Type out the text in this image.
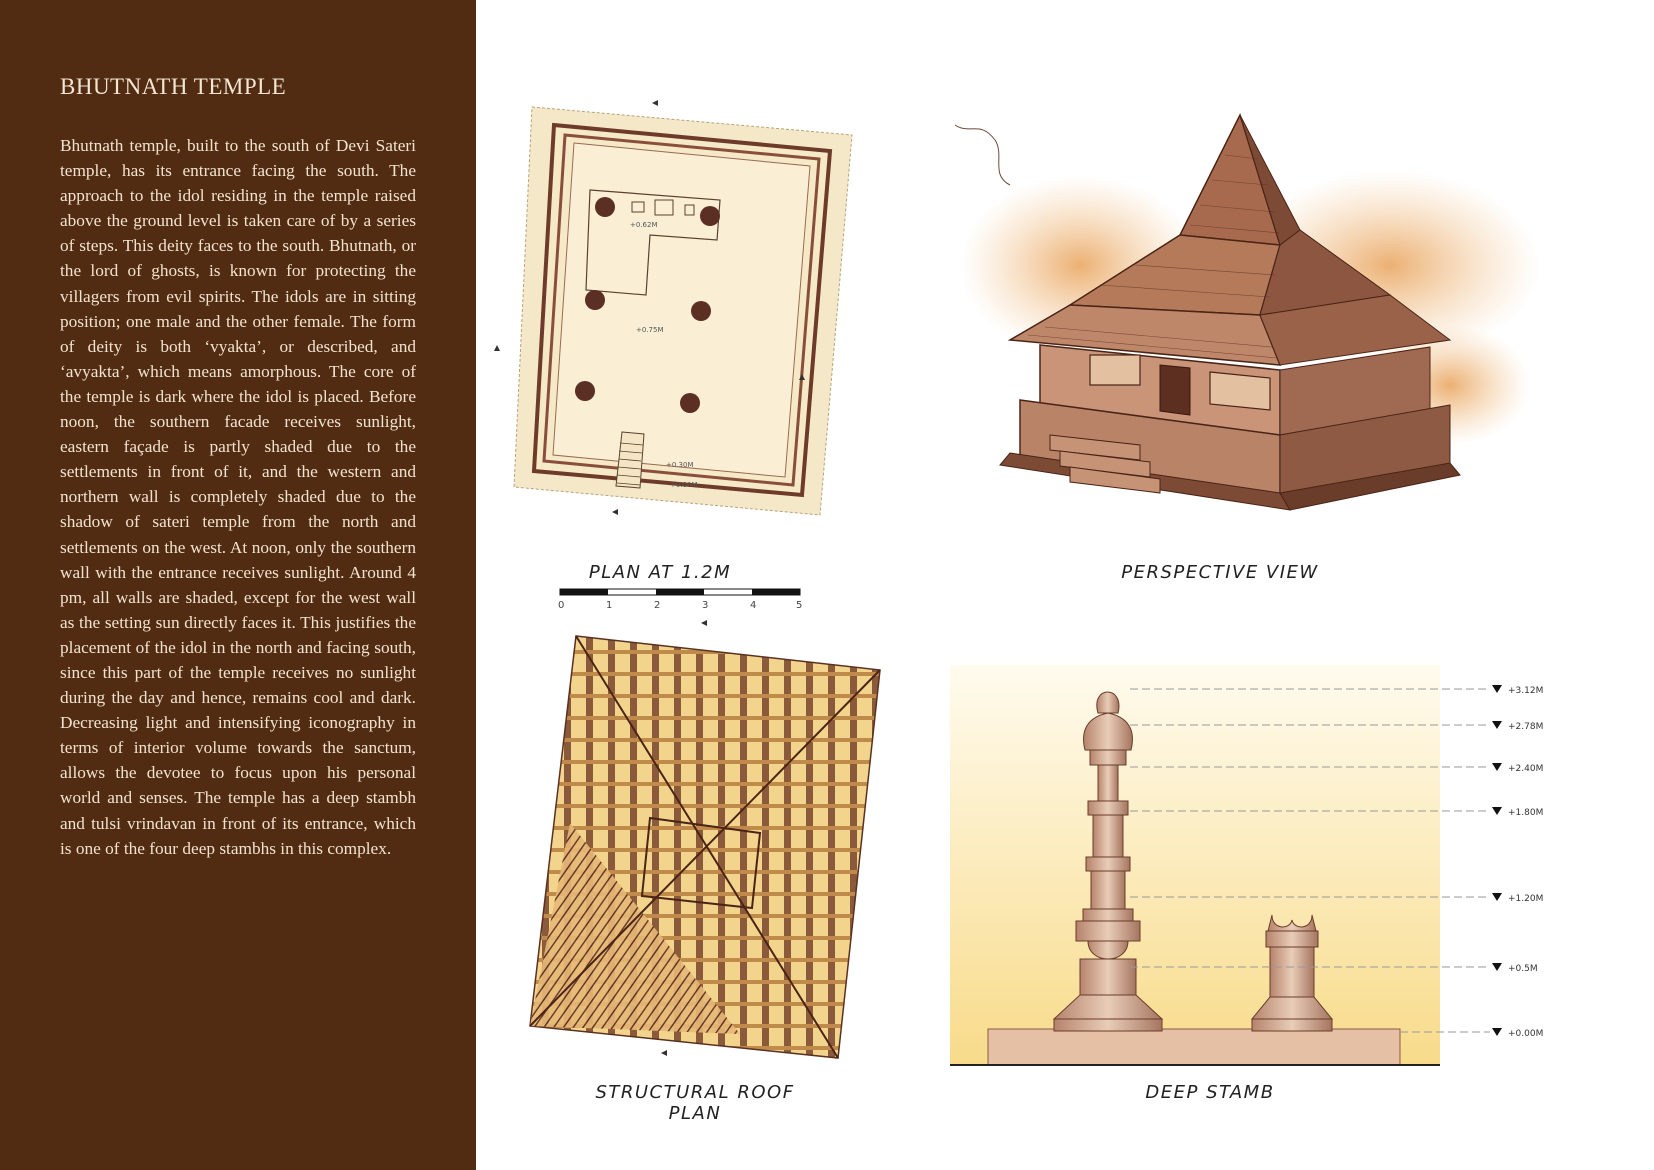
BHUTNATH TEMPLE

Bhutnath temple, built to the south of Devi Sateri temple, has its entrance facing the south. The approach to the idol residing in the temple raised above the ground level is taken care of by a series of steps. This deity faces to the south. Bhutnath, or the lord of ghosts, is known for protecting the villagers from evil spirits. The idols are in sitting position; one male and the other female. The form of deity is both ‘vyakta’, or described, and ‘avyakta’, which means amorphous. The core of the temple is dark where the idol is placed. Before noon, the southern facade receives sunlight, eastern façade is partly shaded due to the settlements in front of it, and the western and northern wall is completely shaded due to the shadow of sateri temple from the north and settlements on the west. At noon, only the southern wall with the entrance receives sunlight. Around 4 pm, all walls are shaded, except for the west wall as the setting sun directly faces it. This justifies the placement of the idol in the north and facing south, since this part of the temple receives no sunlight during the day and hence, remains cool and dark. Decreasing light and intensifying iconography in terms of interior volume towards the sanctum, allows the devotee to focus upon his personal world and senses. The temple has a deep stambh and tulsi vrindavan in front of its entrance, which is one of the four deep stambhs in this complex.

+0.62M
+0.75M
+0.30M
+0.00M
PLAN AT 1.2M
0	1	2	3	4	5
PERSPECTIVE VIEW
STRUCTURAL ROOF PLAN
+3.12M
+2.78M
+2.40M
+1.80M
+1.20M
+0.5M
+0.00M
DEEP STAMB
